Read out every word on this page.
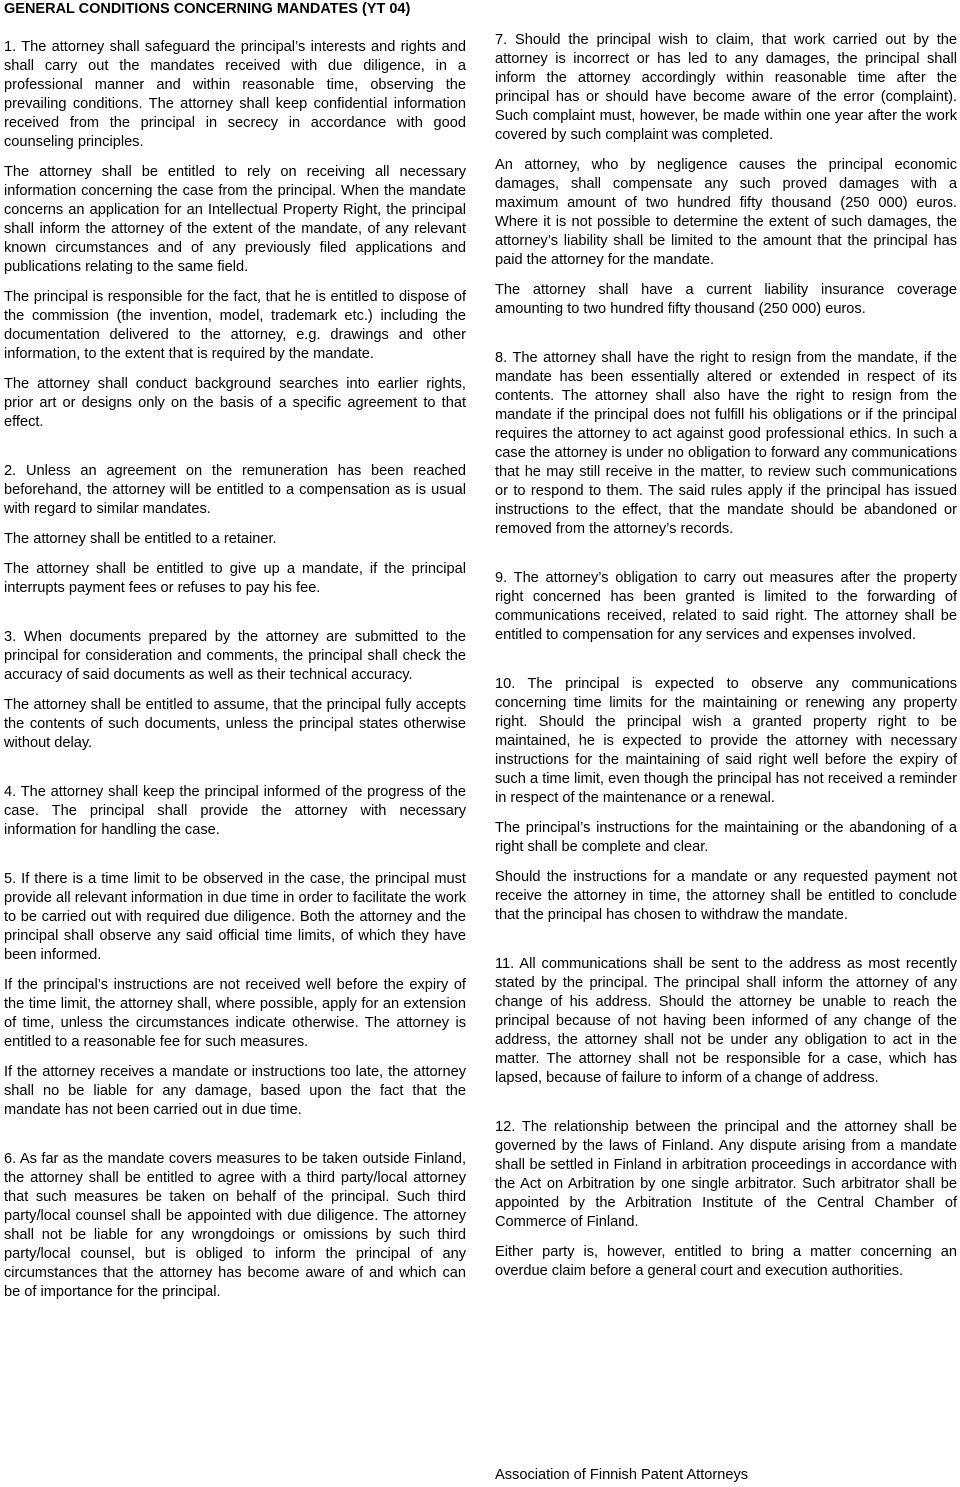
GENERAL CONDITIONS CONCERNING MANDATES (YT 04)

1. The attorney shall safeguard the principal’s interests and rights and shall carry out the mandates received with due diligence, in a professional manner and within reasonable time, observing the prevailing conditions. The attorney shall keep confidential information received from the principal in secrecy in accordance with good counseling principles.

The attorney shall be entitled to rely on receiving all necessary information concerning the case from the principal. When the mandate concerns an application for an Intellectual Property Right, the principal shall inform the attorney of the extent of the mandate, of any relevant known circumstances and of any previously filed applications and publications relating to the same field.

The principal is responsible for the fact, that he is entitled to dispose of the commission (the invention, model, trademark etc.) including the documentation delivered to the attorney, e.g. drawings and other information, to the extent that is required by the mandate.

The attorney shall conduct background searches into earlier rights, prior art or designs only on the basis of a specific agreement to that effect.

2. Unless an agreement on the remuneration has been reached beforehand, the attorney will be entitled to a compensation as is usual with regard to similar mandates.

The attorney shall be entitled to a retainer.

The attorney shall be entitled to give up a mandate, if the principal interrupts payment fees or refuses to pay his fee.

3. When documents prepared by the attorney are submitted to the principal for consideration and comments, the principal shall check the accuracy of said documents as well as their technical accuracy.

The attorney shall be entitled to assume, that the principal fully accepts the contents of such documents, unless the principal states otherwise without delay.

4. The attorney shall keep the principal informed of the progress of the case. The principal shall provide the attorney with necessary information for handling the case.

5. If there is a time limit to be observed in the case, the principal must provide all relevant information in due time in order to facilitate the work to be carried out with required due diligence. Both the attorney and the principal shall observe any said official time limits, of which they have been informed.

If the principal’s instructions are not received well before the expiry of the time limit, the attorney shall, where possible, apply for an extension of time, unless the circumstances indicate otherwise. The attorney is entitled to a reasonable fee for such measures.

If the attorney receives a mandate or instructions too late, the attorney shall no be liable for any damage, based upon the fact that the mandate has not been carried out in due time.

6. As far as the mandate covers measures to be taken outside Finland, the attorney shall be entitled to agree with a third party/local attorney that such measures be taken on behalf of the principal. Such third party/local counsel shall be appointed with due diligence. The attorney shall not be liable for any wrongdoings or omissions by such third party/local counsel, but is obliged to inform the principal of any circumstances that the attorney has become aware of and which can be of importance for the principal.

7. Should the principal wish to claim, that work carried out by the attorney is incorrect or has led to any damages, the principal shall inform the attorney accordingly within reasonable time after the principal has or should have become aware of the error (complaint). Such complaint must, however, be made within one year after the work covered by such complaint was completed.

An attorney, who by negligence causes the principal economic damages, shall compensate any such proved damages with a maximum amount of two hundred fifty thousand (250 000) euros. Where it is not possible to determine the extent of such damages, the attorney’s liability shall be limited to the amount that the principal has paid the attorney for the mandate.

The attorney shall have a current liability insurance coverage amounting to two hundred fifty thousand (250 000) euros.

8. The attorney shall have the right to resign from the mandate, if the mandate has been essentially altered or extended in respect of its contents. The attorney shall also have the right to resign from the mandate if the principal does not fulfill his obligations or if the principal requires the attorney to act against good professional ethics. In such a case the attorney is under no obligation to forward any communications that he may still receive in the matter, to review such communications or to respond to them. The said rules apply if the principal has issued instructions to the effect, that the mandate should be abandoned or removed from the attorney’s records.

9. The attorney’s obligation to carry out measures after the property right concerned has been granted is limited to the forwarding of communications received, related to said right. The attorney shall be entitled to compensation for any services and expenses involved.

10. The principal is expected to observe any communications concerning time limits for the maintaining or renewing any property right. Should the principal wish a granted property right to be maintained, he is expected to provide the attorney with necessary instructions for the maintaining of said right well before the expiry of such a time limit, even though the principal has not received a reminder in respect of the maintenance or a renewal.

The principal’s instructions for the maintaining or the abandoning of a right shall be complete and clear.

Should the instructions for a mandate or any requested payment not receive the attorney in time, the attorney shall be entitled to conclude that the principal has chosen to withdraw the mandate.

11. All communications shall be sent to the address as most recently stated by the principal. The principal shall inform the attorney of any change of his address. Should the attorney be unable to reach the principal because of not having been informed of any change of the address, the attorney shall not be under any obligation to act in the matter. The attorney shall not be responsible for a case, which has lapsed, because of failure to inform of a change of address.

12. The relationship between the principal and the attorney shall be governed by the laws of Finland. Any dispute arising from a mandate shall be settled in Finland in arbitration proceedings in accordance with the Act on Arbitration by one single arbitrator. Such arbitrator shall be appointed by the Arbitration Institute of the Central Chamber of Commerce of Finland.

Either party is, however, entitled to bring a matter concerning an overdue claim before a general court and execution authorities.

Association of Finnish Patent Attorneys
